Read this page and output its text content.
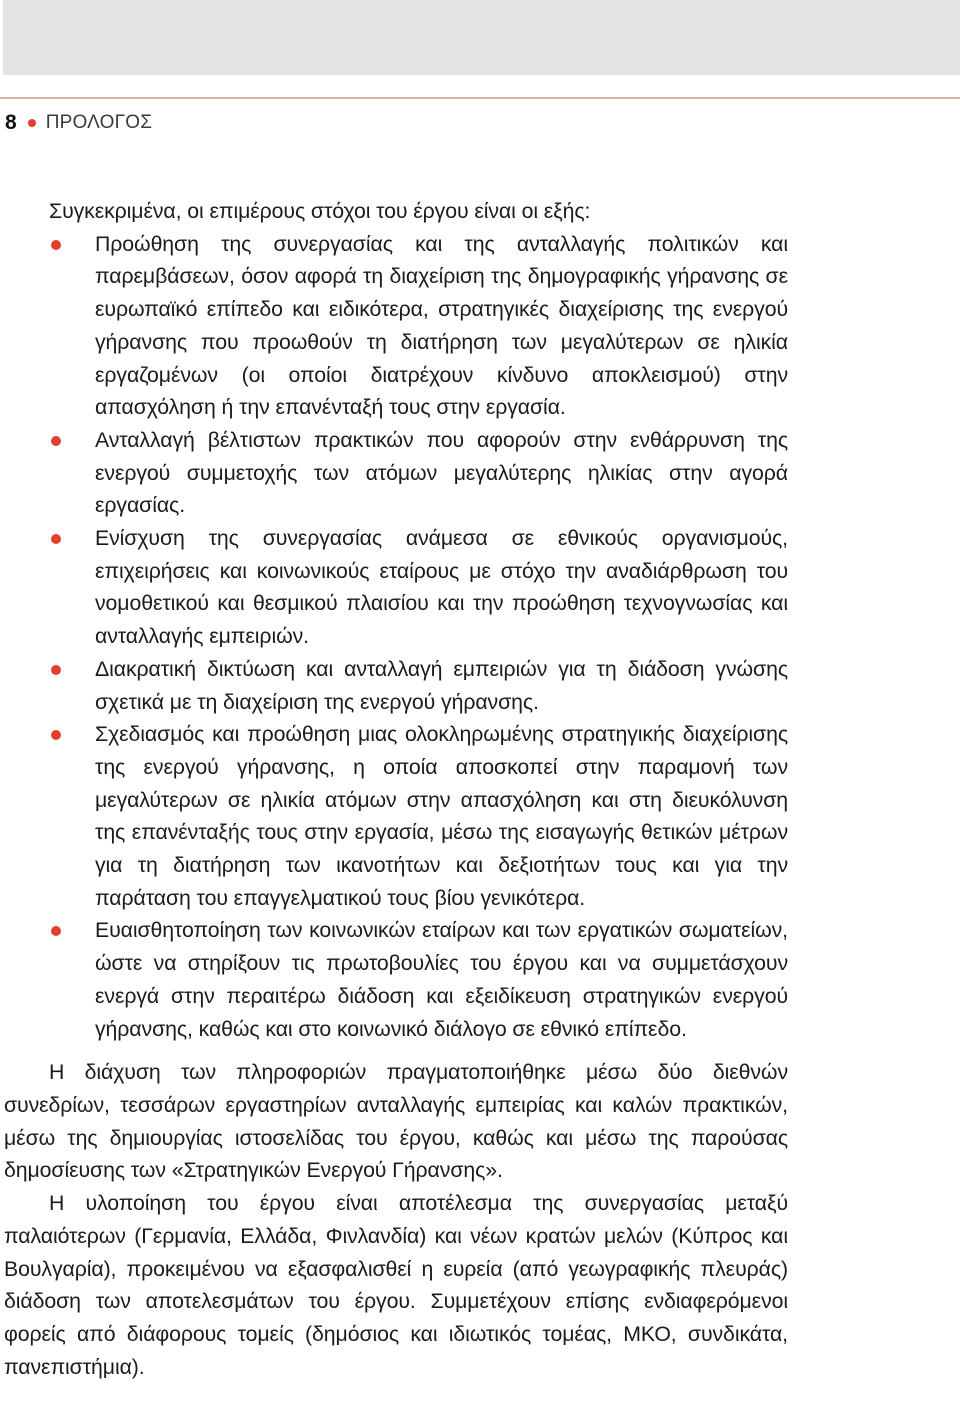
8 ΠΡΟΛΟΓΟΣ

Συγκεκριμένα, οι επιμέρους στόχοι του έργου είναι οι εξής:

Προώθηση της συνεργασίας και της ανταλλαγής πολιτικών και παρεμβάσεων, όσον αφορά τη διαχείριση της δημογραφικής γήρανσης σε ευρωπαϊκό επίπεδο και ειδικότερα, στρατηγικές διαχείρισης της ενεργού γήρανσης που προωθούν τη διατήρηση των μεγαλύτερων σε ηλικία εργαζομένων (οι οποίοι διατρέχουν κίνδυνο αποκλεισμού) στην απασχόληση ή την επανένταξή τους στην εργασία.
Ανταλλαγή βέλτιστων πρακτικών που αφορούν στην ενθάρρυνση της ενεργού συμμετοχής των ατόμων μεγαλύτερης ηλικίας στην αγορά εργασίας.
Ενίσχυση της συνεργασίας ανάμεσα σε εθνικούς οργανισμούς, επιχειρήσεις και κοινωνικούς εταίρους με στόχο την αναδιάρθρωση του νομοθετικού και θεσμικού πλαισίου και την προώθηση τεχνογνωσίας και ανταλλαγής εμπειριών.
Διακρατική δικτύωση και ανταλλαγή εμπειριών για τη διάδοση γνώσης σχετικά με τη διαχείριση της ενεργού γήρανσης.
Σχεδιασμός και προώθηση μιας ολοκληρωμένης στρατηγικής διαχείρισης της ενεργού γήρανσης, η οποία αποσκοπεί στην παραμονή των μεγαλύτερων σε ηλικία ατόμων στην απασχόληση και στη διευκόλυνση της επανένταξής τους στην εργασία, μέσω της εισαγωγής θετικών μέτρων για τη διατήρηση των ικανοτήτων και δεξιοτήτων τους και για την παράταση του επαγγελματικού τους βίου γενικότερα.
Ευαισθητοποίηση των κοινωνικών εταίρων και των εργατικών σωματείων, ώστε να στηρίξουν τις πρωτοβουλίες του έργου και να συμμετάσχουν ενεργά στην περαιτέρω διάδοση και εξειδίκευση στρατηγικών ενεργού γήρανσης, καθώς και στο κοινωνικό διάλογο σε εθνικό επίπεδο.

Η διάχυση των πληροφοριών πραγματοποιήθηκε μέσω δύο διεθνών συνεδρίων, τεσσάρων εργαστηρίων ανταλλαγής εμπειρίας και καλών πρακτικών, μέσω της δημιουργίας ιστοσελίδας του έργου, καθώς και μέσω της παρούσας δημοσίευσης των «Στρατηγικών Ενεργού Γήρανσης».

Η υλοποίηση του έργου είναι αποτέλεσμα της συνεργασίας μεταξύ παλαιότερων (Γερμανία, Ελλάδα, Φινλανδία) και νέων κρατών μελών (Κύπρος και Βουλγαρία), προκειμένου να εξασφαλισθεί η ευρεία (από γεωγραφικής πλευράς) διάδοση των αποτελεσμάτων του έργου. Συμμετέχουν επίσης ενδιαφερόμενοι φορείς από διάφορους τομείς (δημόσιος και ιδιωτικός τομέας, ΜΚΟ, συνδικάτα, πανεπιστήμια).
